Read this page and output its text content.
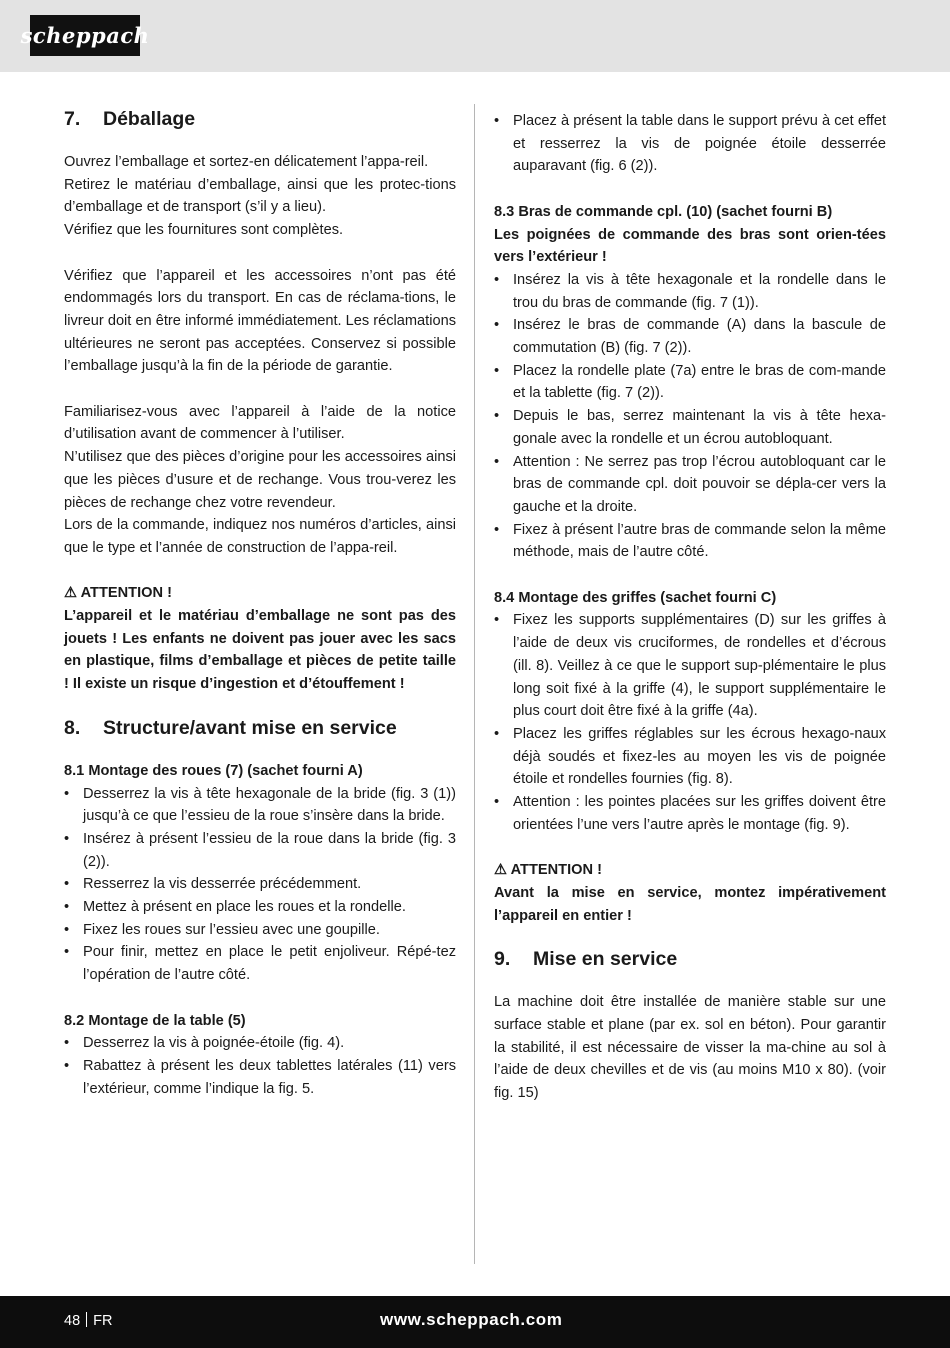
scheppach
7.	Déballage

Ouvrez l’emballage et sortez-en délicatement l’appa-reil.

Retirez le matériau d’emballage, ainsi que les protec-tions d’emballage et de transport (s’il y a lieu).

Vérifiez que les fournitures sont complètes.

Vérifiez que l’appareil et les accessoires n’ont pas été endommagés lors du transport. En cas de réclama-tions, le livreur doit en être informé immédiatement. Les réclamations ultérieures ne seront pas acceptées. Conservez si possible l’emballage jusqu’à la fin de la période de garantie.

Familiarisez-vous avec l’appareil à l’aide de la notice d’utilisation avant de commencer à l’utiliser.

N’utilisez que des pièces d’origine pour les accessoires ainsi que les pièces d’usure et de rechange. Vous trou-verez les pièces de rechange chez votre revendeur.

Lors de la commande, indiquez nos numéros d’articles, ainsi que le type et l’année de construction de l’appa-reil.

⚠ ATTENTION !

L’appareil et le matériau d’emballage ne sont pas des jouets ! Les enfants ne doivent pas jouer avec les sacs en plastique, films d’emballage et pièces de petite taille ! Il existe un risque d’ingestion et d’étouffement !

8.	Structure/avant mise en service
8.1 Montage des roues (7) (sachet fourni A)
• Desserrez la vis à tête hexagonale de la bride (fig. 3 (1)) jusqu’à ce que l’essieu de la roue s’insère dans la bride.
• Insérez à présent l’essieu de la roue dans la bride (fig. 3 (2)).
• Resserrez la vis desserrée précédemment.
• Mettez à présent en place les roues et la rondelle.
• Fixez les roues sur l’essieu avec une goupille.
• Pour finir, mettez en place le petit enjoliveur. Répé-tez l’opération de l’autre côté.
8.2 Montage de la table (5)
• Desserrez la vis à poignée-étoile (fig. 4).
• Rabattez à présent les deux tablettes latérales (11) vers l’extérieur, comme l’indique la fig. 5.
• Placez à présent la table dans le support prévu à cet effet et resserrez la vis de poignée étoile desserrée auparavant (fig. 6 (2)).
8.3 Bras de commande cpl. (10) (sachet fourni B)

Les poignées de commande des bras sont orien-tées vers l’extérieur !

• Insérez la vis à tête hexagonale et la rondelle dans le trou du bras de commande (fig. 7 (1)).
• Insérez le bras de commande (A) dans la bascule de commutation (B) (fig. 7 (2)).
• Placez la rondelle plate (7a) entre le bras de com-mande et la tablette (fig. 7 (2)).
• Depuis le bas, serrez maintenant la vis à tête hexa-gonale avec la rondelle et un écrou autobloquant.
• Attention : Ne serrez pas trop l’écrou autobloquant car le bras de commande cpl. doit pouvoir se dépla-cer vers la gauche et la droite.
• Fixez à présent l’autre bras de commande selon la même méthode, mais de l’autre côté.
8.4 Montage des griffes (sachet fourni C)
• Fixez les supports supplémentaires (D) sur les griffes à l’aide de deux vis cruciformes, de rondelles et d’écrous (ill. 8). Veillez à ce que le support sup-plémentaire le plus long soit fixé à la griffe (4), le support supplémentaire le plus court doit être fixé à la griffe (4a).
• Placez les griffes réglables sur les écrous hexago-naux déjà soudés et fixez-les au moyen les vis de poignée étoile et rondelles fournies (fig. 8).
• Attention : les pointes placées sur les griffes doivent être orientées l’une vers l’autre après le montage (fig. 9).
⚠ ATTENTION !

Avant la mise en service, montez impérativement l’appareil en entier !

9.	Mise en service

La machine doit être installée de manière stable sur une surface stable et plane (par ex. sol en béton). Pour garantir la stabilité, il est nécessaire de visser la ma-chine au sol à l’aide de deux chevilles et de vis (au moins M10 x 80). (voir fig. 15)

48 FR	www.scheppach.com
